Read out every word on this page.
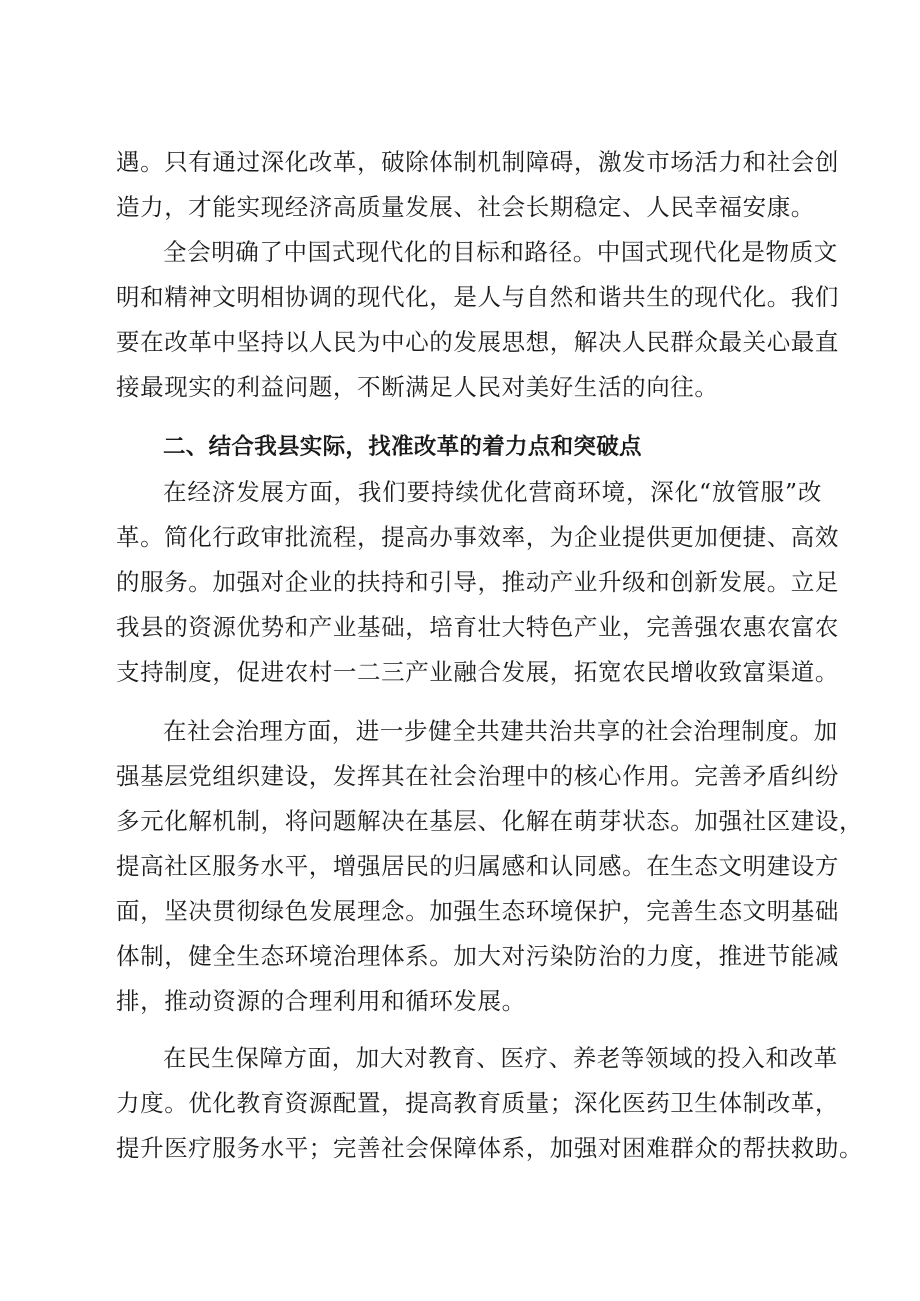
遇。只有通过深化改革，破除体制机制障碍，激发市场活力和社会创
造力，才能实现经济高质量发展、社会长期稳定、人民幸福安康。
全会明确了中国式现代化的目标和路径。中国式现代化是物质文
明和精神文明相协调的现代化，是人与自然和谐共生的现代化。我们
要在改革中坚持以人民为中心的发展思想，解决人民群众最关心最直
接最现实的利益问题，不断满足人民对美好生活的向往。
二、结合我县实际，找准改革的着力点和突破点
在经济发展方面，我们要持续优化营商环境，深化“放管服”改
革。简化行政审批流程，提高办事效率，为企业提供更加便捷、高效
的服务。加强对企业的扶持和引导，推动产业升级和创新发展。立足
我县的资源优势和产业基础，培育壮大特色产业，完善强农惠农富农
支持制度，促进农村一二三产业融合发展，拓宽农民增收致富渠道。
在社会治理方面，进一步健全共建共治共享的社会治理制度。加
强基层党组织建设，发挥其在社会治理中的核心作用。完善矛盾纠纷
多元化解机制，将问题解决在基层、化解在萌芽状态。加强社区建设，
提高社区服务水平，增强居民的归属感和认同感。在生态文明建设方
面，坚决贯彻绿色发展理念。加强生态环境保护，完善生态文明基础
体制，健全生态环境治理体系。加大对污染防治的力度，推进节能减
排，推动资源的合理利用和循环发展。
在民生保障方面，加大对教育、医疗、养老等领域的投入和改革
力度。优化教育资源配置，提高教育质量；深化医药卫生体制改革，
提升医疗服务水平；完善社会保障体系，加强对困难群众的帮扶救助。
